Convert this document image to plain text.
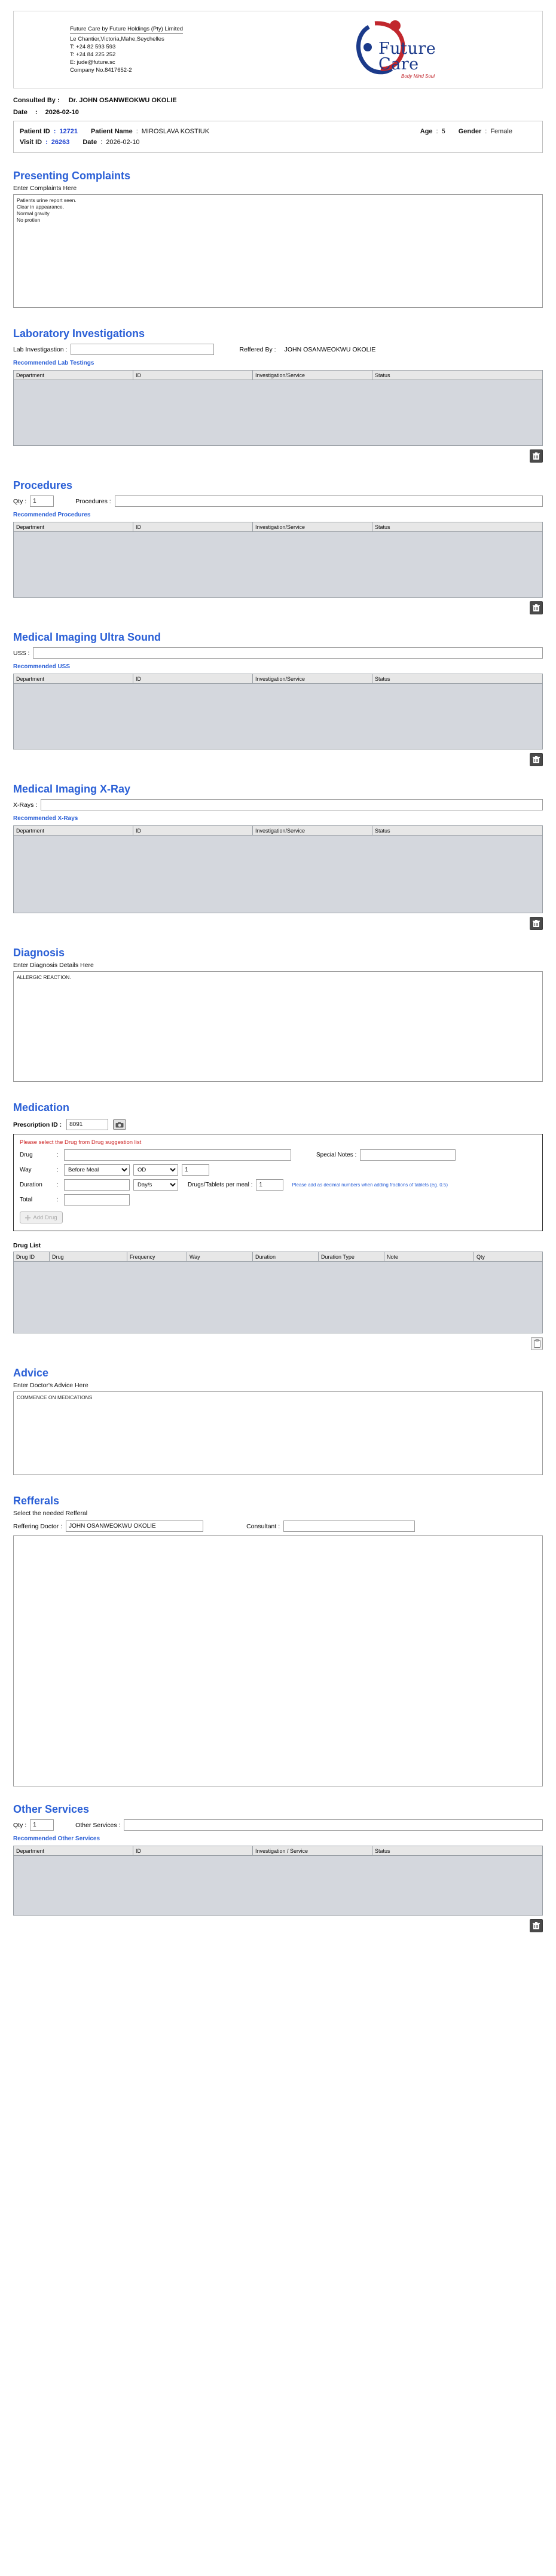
Future Care by Future Holdings (Pty) Limited
Le Chantier,Victoria,Mahe,Seychelles
T: +24 82 593 593
T: +24 84 225 252
E: jude@future.sc
Company No.8417652-2
Future
Care
Body Mind Soul
Consulted By : Dr. JOHN OSANWEOKWU OKOLIE
Date : 2026-02-10
Patient ID : 12721 Patient Name : MIROSLAVA KOSTIUK	Age : 5 Gender : Female
Visit ID : 26263 Date : 2026-02-10
Presenting Complaints
Enter Complaints Here
Patients urine report seen. Clear in appearance, Normal gravity No protien
Laboratory Investigations
Lab Investigastion :	Reffered By :	JOHN OSANWEOKWU OKOLIE
Recommended Lab Testings
Department	ID	Investigation/Service	Status

Procedures
Qty :
1	Procedures :
Recommended Procedures
Department	ID	Investigation/Service	Status

Medical Imaging Ultra Sound
USS :
Recommended USS
Department	ID	Investigation/Service	Status

Medical Imaging X-Ray
X-Rays :
Recommended X-Rays
Department	ID	Investigation/Service	Status

Diagnosis
Enter Diagnosis Details Here
ALLERGIC REACTION.
Medication
Prescription ID :
8091
Please select the Drug from Drug suggestion list
Drug	:	Special Notes :
Way	:
Before Meal
OD
1
Duration	:
Day/s	Drugs/Tablets per meal :
1	Please add as decimal numbers when adding fractions of tablets (eg. 0.5)
Total	:
Add Drug
Drug List
Drug ID	Drug	Frequency	Way	Duration	Duration Type	Note	Qty

Advice
Enter Doctor's Advice Here
COMMENCE ON MEDICATIONS
Refferals
Select the needed Refferal
Reffering Doctor :
JOHN OSANWEOKWU OKOLIE	Consultant :
Other Services
Qty :
1	Other Services :
Recommended Other Services
Department	ID	Investigation / Service	Status
